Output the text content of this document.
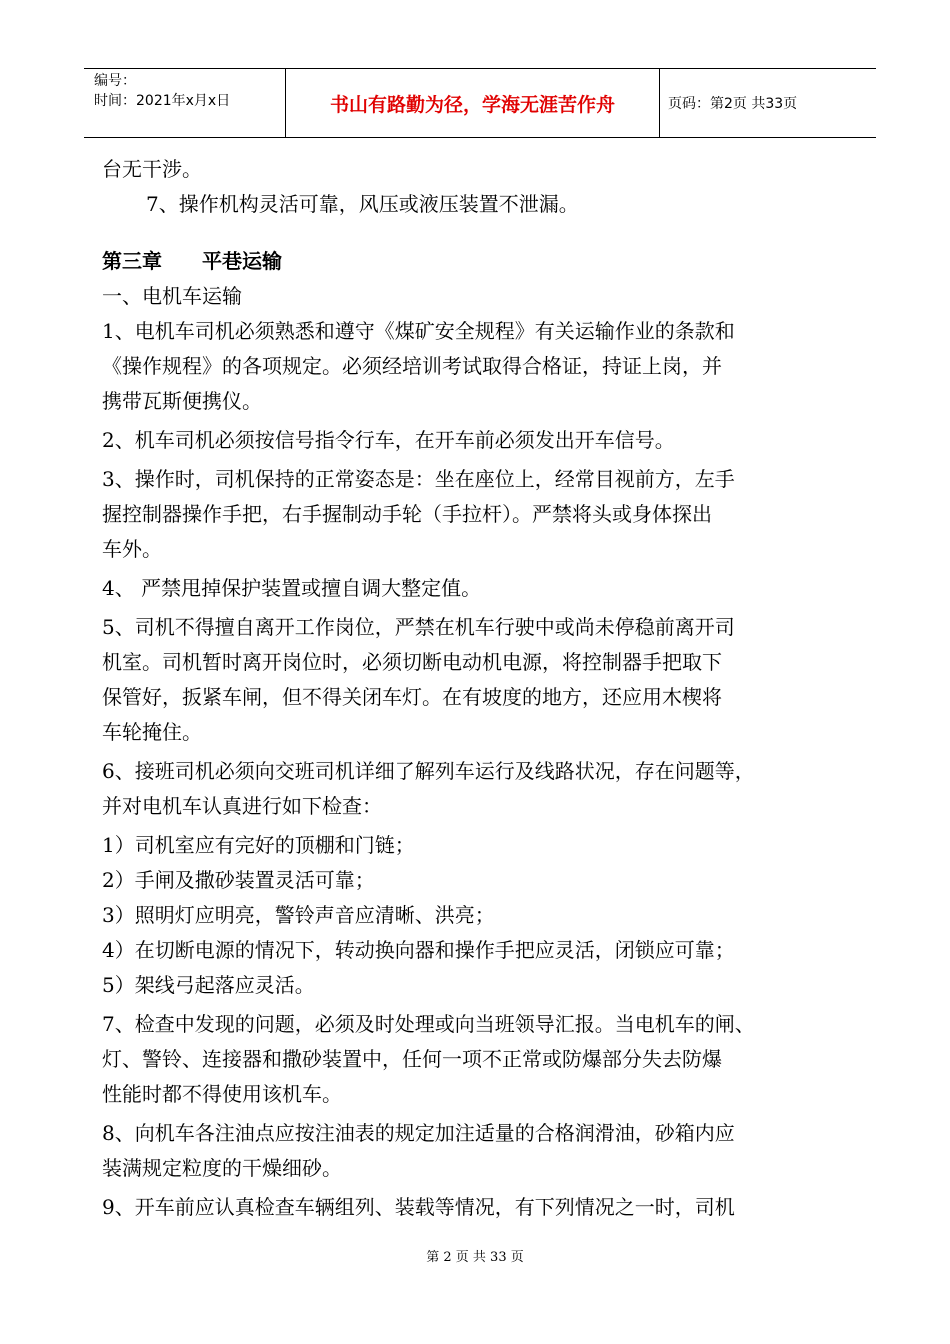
编号：
时间：2021年x月x日	书山有路勤为径，学海无涯苦作舟	页码：第2页 共33页
台无干涉。
7、操作机构灵活可靠，风压或液压装置不泄漏。
第三章 平巷运输
一、电机车运输
1、电机车司机必须熟悉和遵守《煤矿安全规程》有关运输作业的条款和
《操作规程》的各项规定。必须经培训考试取得合格证，持证上岗，并
携带瓦斯便携仪。
2、机车司机必须按信号指令行车，在开车前必须发出开车信号。
3、操作时，司机保持的正常姿态是：坐在座位上，经常目视前方，左手
握控制器操作手把，右手握制动手轮（手拉杆）。严禁将头或身体探出
车外。
4、 严禁甩掉保护装置或擅自调大整定值。
5、司机不得擅自离开工作岗位，严禁在机车行驶中或尚未停稳前离开司
机室。司机暂时离开岗位时，必须切断电动机电源，将控制器手把取下
保管好，扳紧车闸，但不得关闭车灯。在有坡度的地方，还应用木楔将
车轮掩住。
6、接班司机必须向交班司机详细了解列车运行及线路状况，存在问题等，
并对电机车认真进行如下检查：
1）司机室应有完好的顶棚和门链；
2）手闸及撒砂装置灵活可靠；
3）照明灯应明亮，警铃声音应清晰、洪亮；
4）在切断电源的情况下，转动换向器和操作手把应灵活，闭锁应可靠；
5）架线弓起落应灵活。
7、检查中发现的问题，必须及时处理或向当班领导汇报。当电机车的闸、
灯、警铃、连接器和撒砂装置中，任何一项不正常或防爆部分失去防爆
性能时都不得使用该机车。
8、向机车各注油点应按注油表的规定加注适量的合格润滑油，砂箱内应
装满规定粒度的干燥细砂。
9、开车前应认真检查车辆组列、装载等情况，有下列情况之一时，司机
第 2 页 共 33 页
